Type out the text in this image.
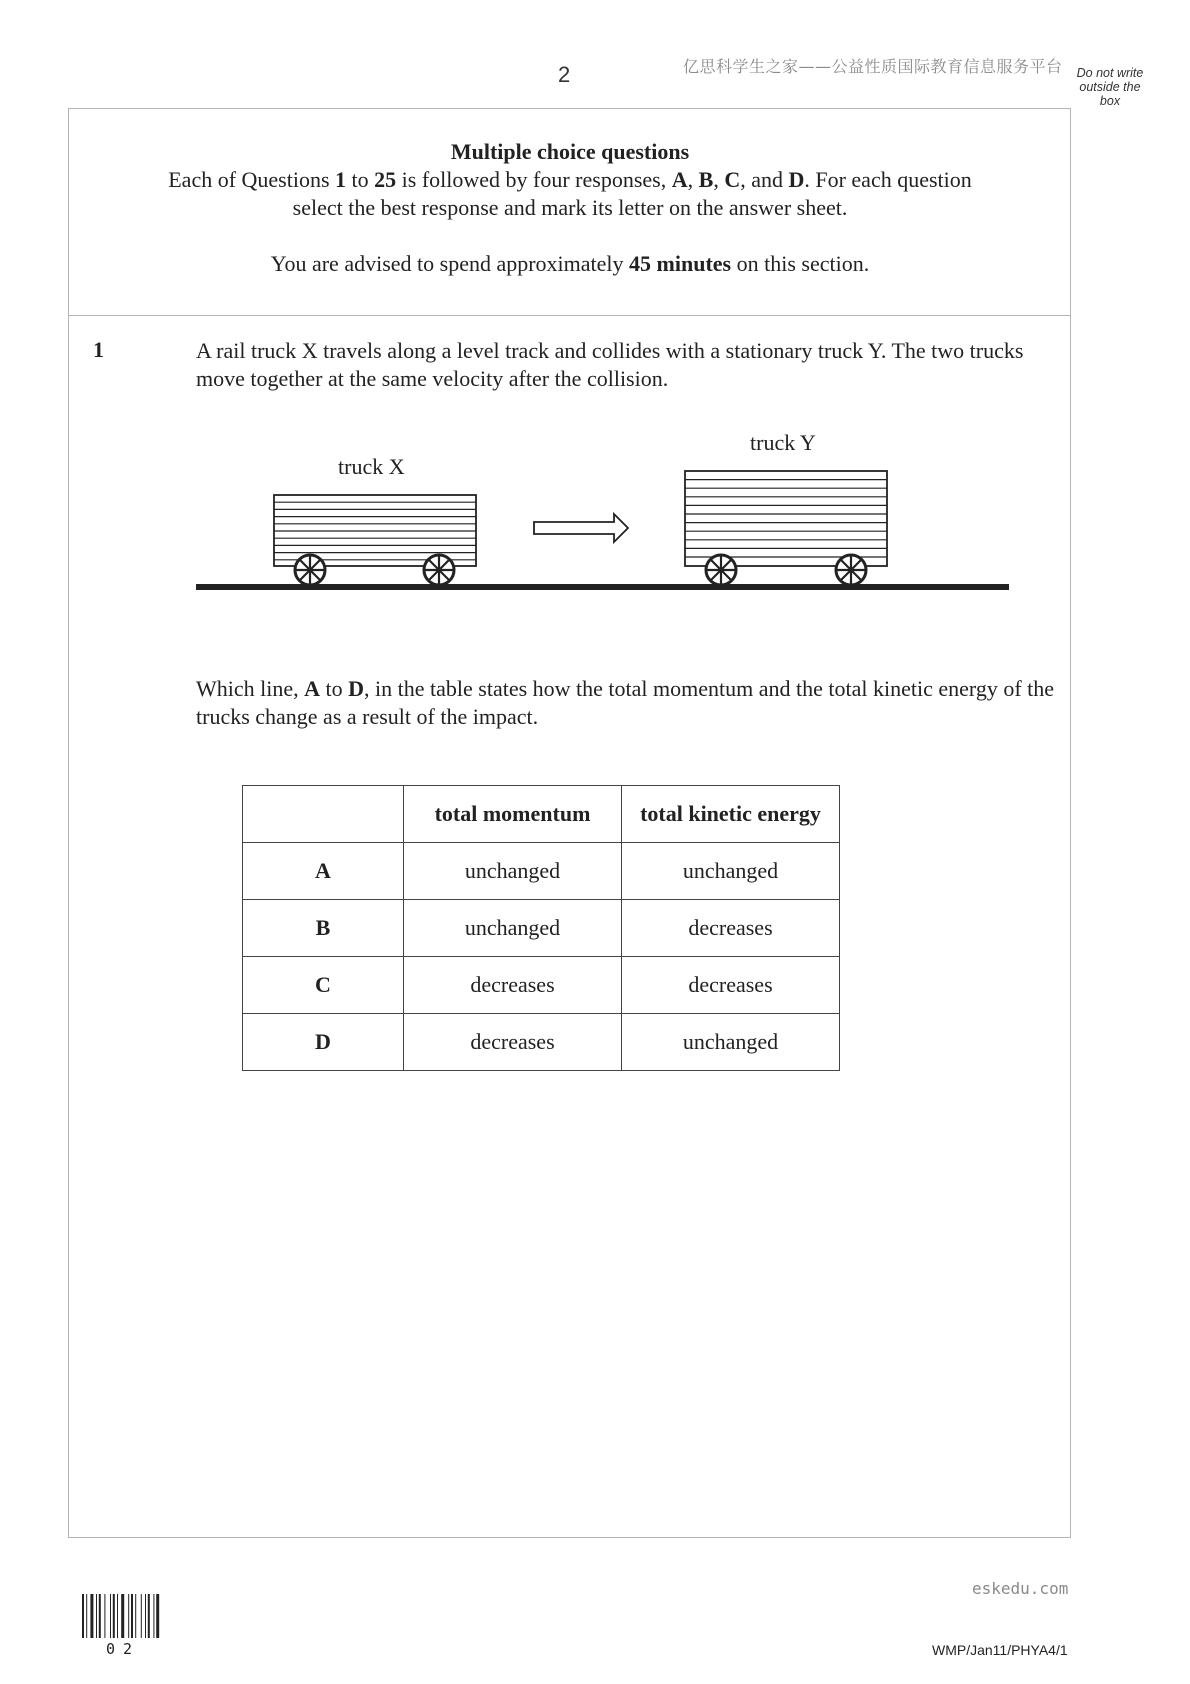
2	亿思科学生之家——公益性质国际教育信息服务平台	Do not write outside the box
Multiple choice questions
Each of Questions 1 to 25 is followed by four responses, A, B, C, and D. For each question
select the best response and mark its letter on the answer sheet.
You are advised to spend approximately 45 minutes on this section.
1	A rail truck X travels along a level track and collides with a stationary truck Y. The two trucks move together at the same velocity after the collision.
truck X
truck Y
Which line, A to D, in the table states how the total momentum and the total kinetic energy of the trucks change as a result of the impact.
	total momentum	total kinetic energy
A	unchanged	unchanged
B	unchanged	decreases
C	decreases	decreases
D	decreases	unchanged
eskedu.com
02	WMP/Jan11/PHYA4/1
